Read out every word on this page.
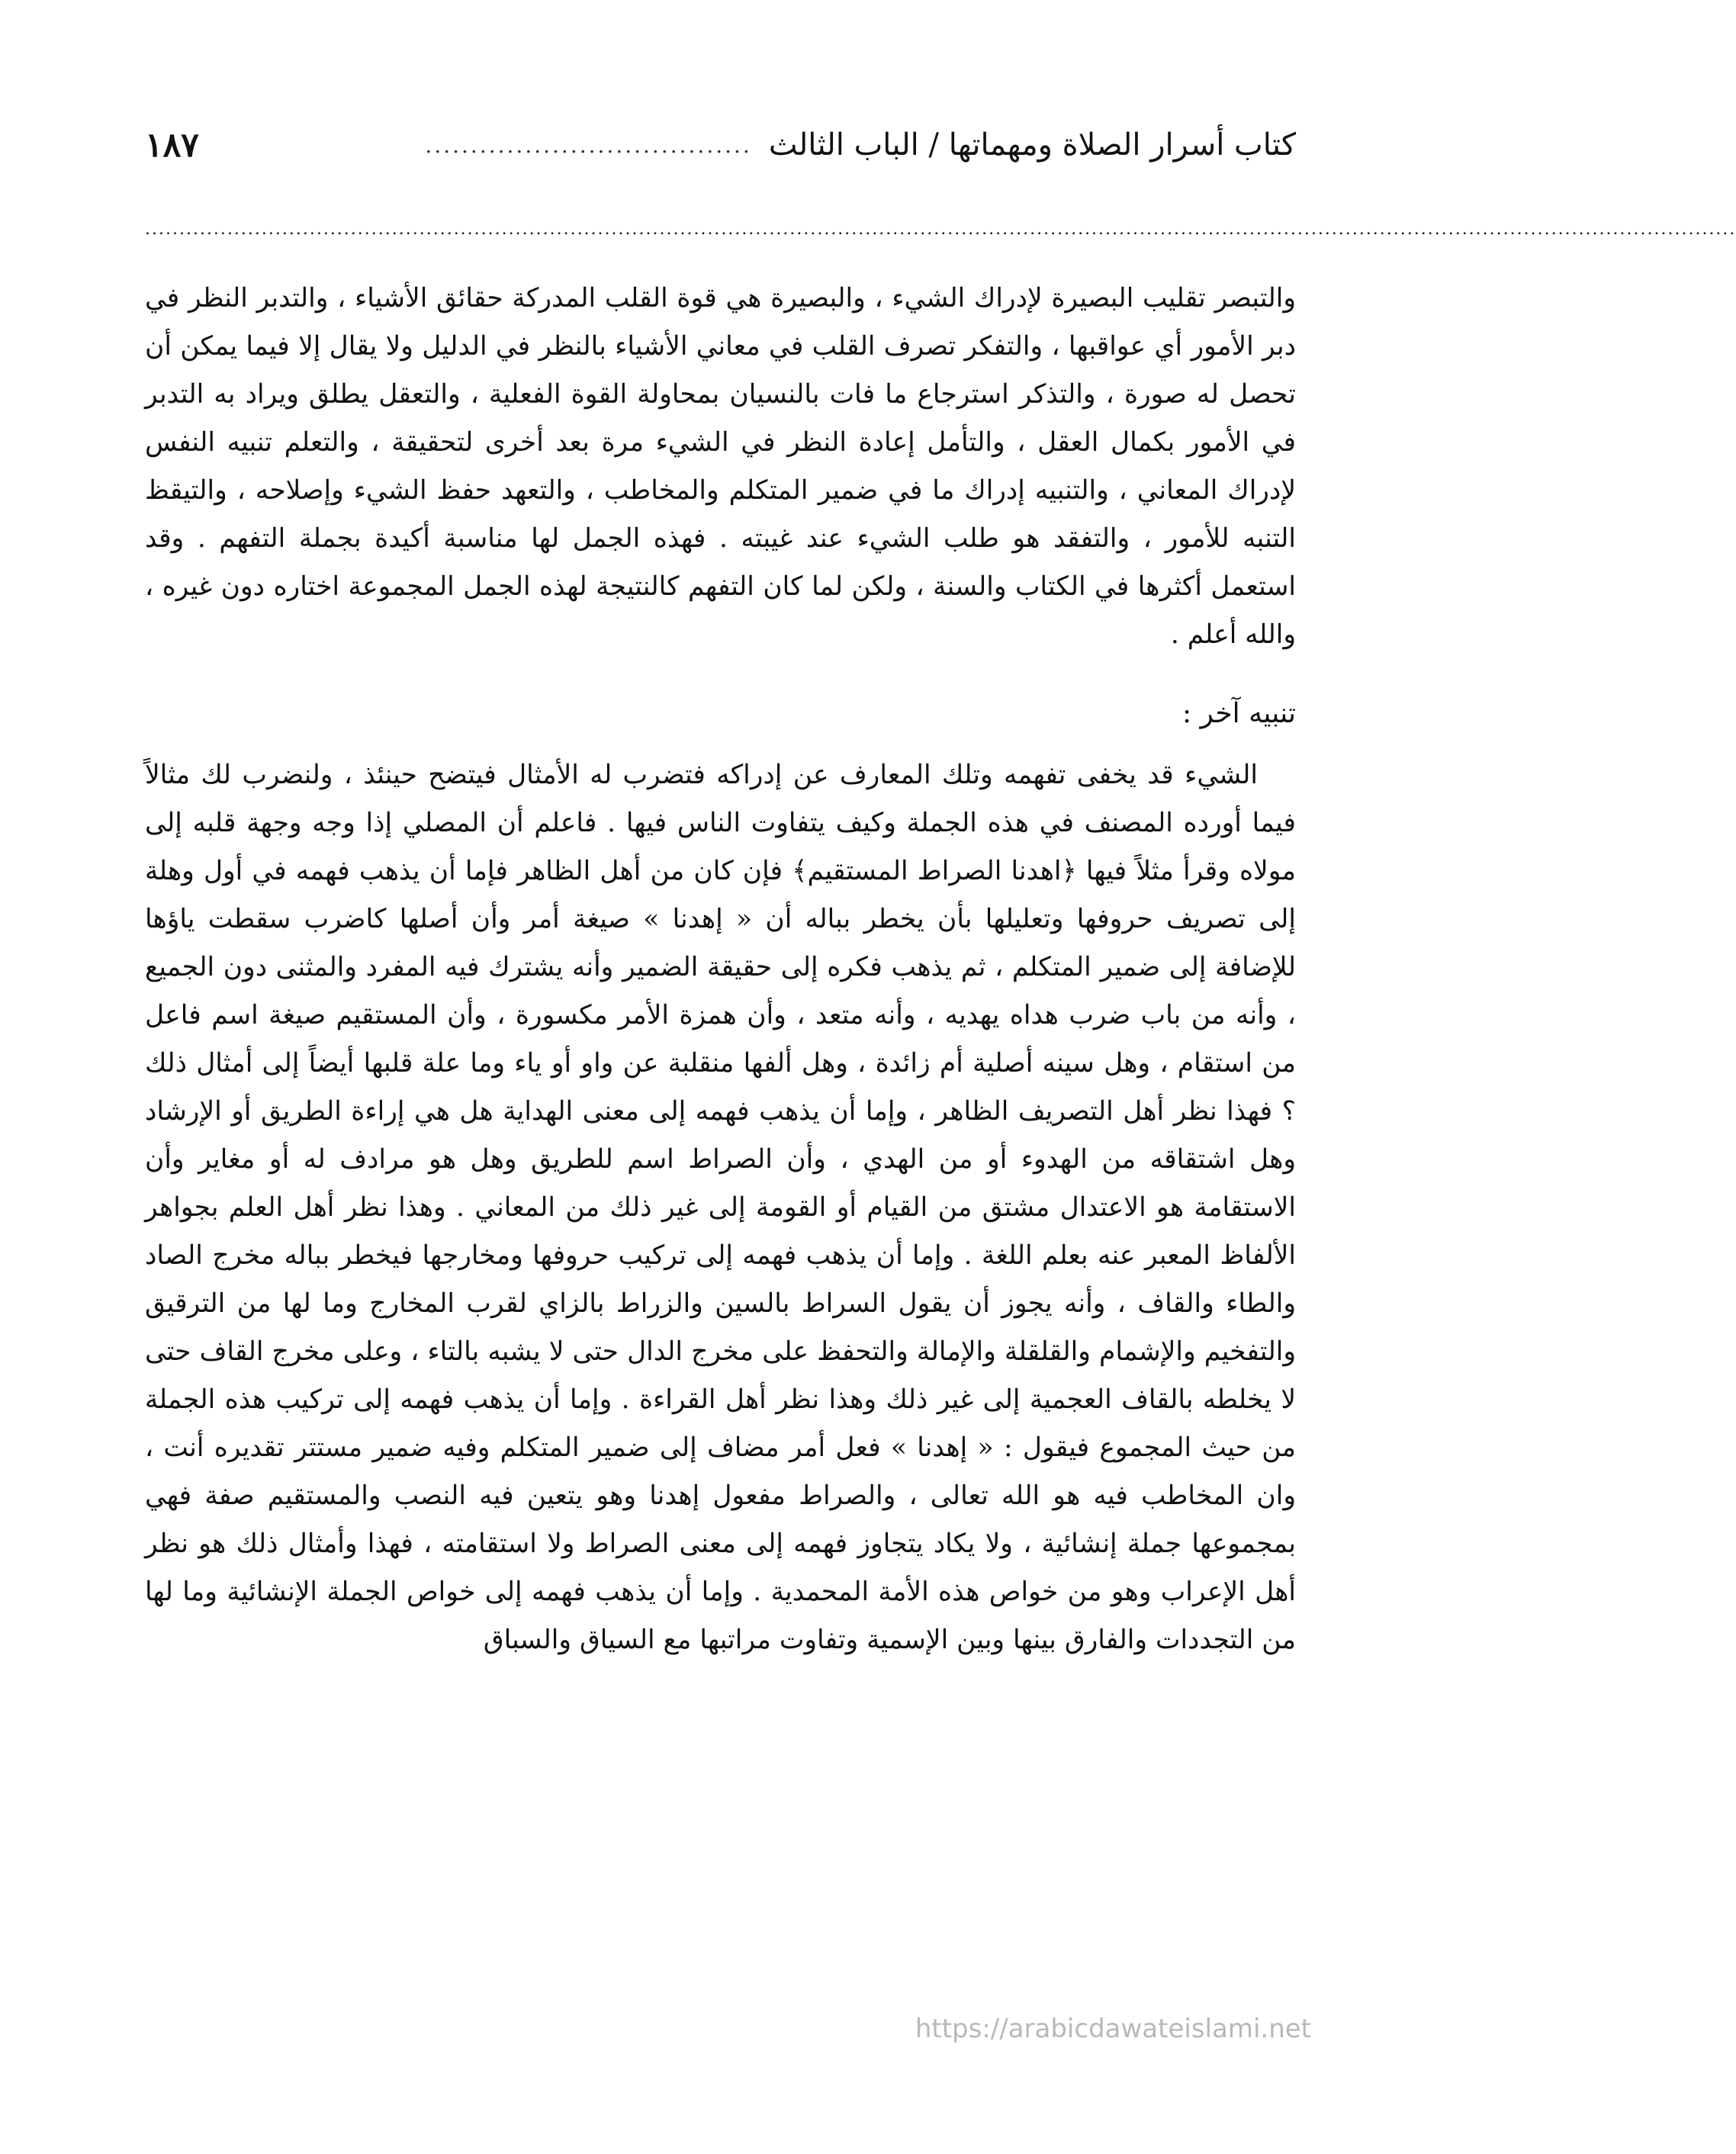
كتاب أسرار الصلاة ومهماتها / الباب الثالث
....................................
١٨٧
........................................................................................................................................................................................................................................

والتبصر تقليب البصيرة لإدراك الشيء ، والبصيرة هي قوة القلب المدركة حقائق الأشياء ، والتدبر النظر في دبر الأمور أي عواقبها ، والتفكر تصرف القلب في معاني الأشياء بالنظر في الدليل ولا يقال إلا فيما يمكن أن تحصل له صورة ، والتذكر استرجاع ما فات بالنسيان بمحاولة القوة الفعلية ، والتعقل يطلق ويراد به التدبر في الأمور بكمال العقل ، والتأمل إعادة النظر في الشيء مرة بعد أخرى لتحقيقة ، والتعلم تنبيه النفس لإدراك المعاني ، والتنبيه إدراك ما في ضمير المتكلم والمخاطب ، والتعهد حفظ الشيء وإصلاحه ، والتيقظ التنبه للأمور ، والتفقد هو طلب الشيء عند غيبته . فهذه الجمل لها مناسبة أكيدة بجملة التفهم . وقد استعمل أكثرها في الكتاب والسنة ، ولكن لما كان التفهم كالنتيجة لهذه الجمل المجموعة اختاره دون غيره ، والله أعلم .

تنبيه آخر :

الشيء قد يخفى تفهمه وتلك المعارف عن إدراكه فتضرب له الأمثال فيتضح حينئذ ، ولنضرب لك مثالاً فيما أورده المصنف في هذه الجملة وكيف يتفاوت الناس فيها . فاعلم أن المصلي إذا وجه وجهة قلبه إلى مولاه وقرأ مثلاً فيها ﴿اهدنا الصراط المستقيم﴾ فإن كان من أهل الظاهر فإما أن يذهب فهمه في أول وهلة إلى تصريف حروفها وتعليلها بأن يخطر بباله أن « إهدنا » صيغة أمر وأن أصلها كاضرب سقطت ياؤها للإضافة إلى ضمير المتكلم ، ثم يذهب فكره إلى حقيقة الضمير وأنه يشترك فيه المفرد والمثنى دون الجميع ، وأنه من باب ضرب هداه يهديه ، وأنه متعد ، وأن همزة الأمر مكسورة ، وأن المستقيم صيغة اسم فاعل من استقام ، وهل سينه أصلية أم زائدة ، وهل ألفها منقلبة عن واو أو ياء وما علة قلبها أيضاً إلى أمثال ذلك ؟ فهذا نظر أهل التصريف الظاهر ، وإما أن يذهب فهمه إلى معنى الهداية هل هي إراءة الطريق أو الإرشاد وهل اشتقاقه من الهدوء أو من الهدي ، وأن الصراط اسم للطريق وهل هو مرادف له أو مغاير وأن الاستقامة هو الاعتدال مشتق من القيام أو القومة إلى غير ذلك من المعاني . وهذا نظر أهل العلم بجواهر الألفاظ المعبر عنه بعلم اللغة . وإما أن يذهب فهمه إلى تركيب حروفها ومخارجها فيخطر بباله مخرج الصاد والطاء والقاف ، وأنه يجوز أن يقول السراط بالسين والزراط بالزاي لقرب المخارج وما لها من الترقيق والتفخيم والإشمام والقلقلة والإمالة والتحفظ على مخرج الدال حتى لا يشبه بالتاء ، وعلى مخرج القاف حتى لا يخلطه بالقاف العجمية إلى غير ذلك وهذا نظر أهل القراءة . وإما أن يذهب فهمه إلى تركيب هذه الجملة من حيث المجموع فيقول : « إهدنا » فعل أمر مضاف إلى ضمير المتكلم وفيه ضمير مستتر تقديره أنت ، وان المخاطب فيه هو الله تعالى ، والصراط مفعول إهدنا وهو يتعين فيه النصب والمستقيم صفة فهي بمجموعها جملة إنشائية ، ولا يكاد يتجاوز فهمه إلى معنى الصراط ولا استقامته ، فهذا وأمثال ذلك هو نظر أهل الإعراب وهو من خواص هذه الأمة المحمدية . وإما أن يذهب فهمه إلى خواص الجملة الإنشائية وما لها من التجددات والفارق بينها وبين الإسمية وتفاوت مراتبها مع السياق والسباق

https://arabicdawateislami.net
